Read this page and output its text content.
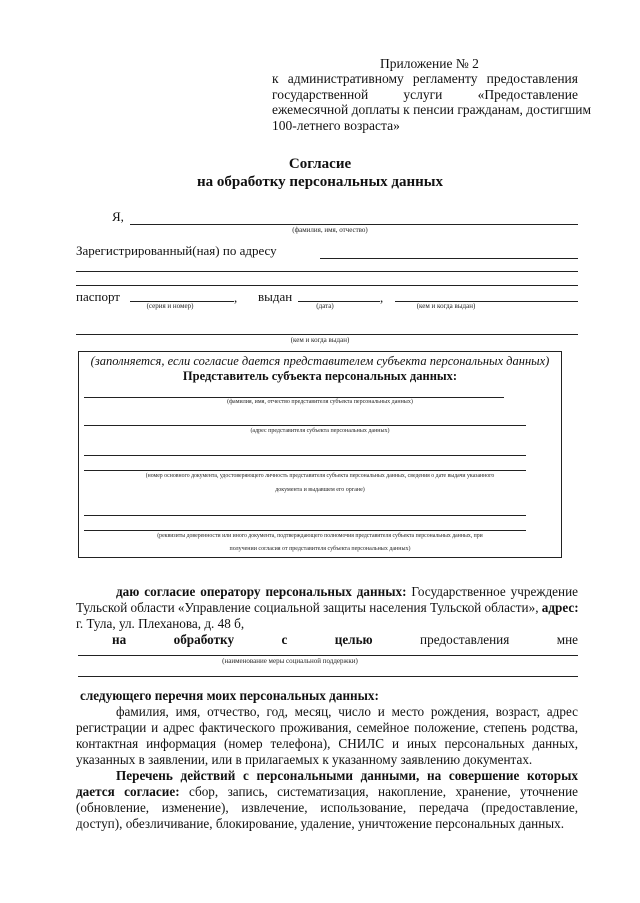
Приложение № 2
к административному регламенту предоставления
государственной услуги «Предоставление
ежемесячной доплаты к пенсии гражданам, достигшим
100-летнего возраста»
Согласие
на обработку персональных данных
Я,
(фамилия, имя, отчество)
Зарегистрированный(ная) по адресу
паспорт	,
(серия и номер)
выдан	,
(дата)	(кем и когда выдан)
(кем и когда выдан)
(заполняется, если согласие дается представителем субъекта персональных данных)
Представитель субъекта персональных данных:
(фамилия, имя, отчество представителя субъекта персональных данных)
(адрес представителя субъекта персональных данных)
(номер основного документа, удостоверяющего личность представителя субъекта персональных данных, сведения о дате выдачи указанного
документа и выдавшем его органе)
(реквизиты доверенности или иного документа, подтверждающего полномочия представителя субъекта персональных данных, при
получении согласия от представителя субъекта персональных данных)
даю согласие оператору персональных данных: Государственное учреждение
Тульской области «Управление социальной защиты населения Тульской области», адрес:
г. Тула, ул. Плеханова, д. 48 б,
на	обработку	с	целью	предоставления	мне
(наименование меры социальной поддержки)
следующего перечня моих персональных данных:
фамилия, имя, отчество, год, месяц, число и место рождения, возраст, адрес регистрации и адрес фактического проживания, семейное положение, степень родства, контактная информация (номер телефона), СНИЛС и иных персональных данных, указанных в заявлении, или в прилагаемых к указанному заявлению документах.
Перечень действий с персональными данными, на совершение которых дается согласие: сбор, запись, систематизация, накопление, хранение, уточнение (обновление, изменение), извлечение, использование, передача (предоставление, доступ), обезличивание, блокирование, удаление, уничтожение персональных данных.
